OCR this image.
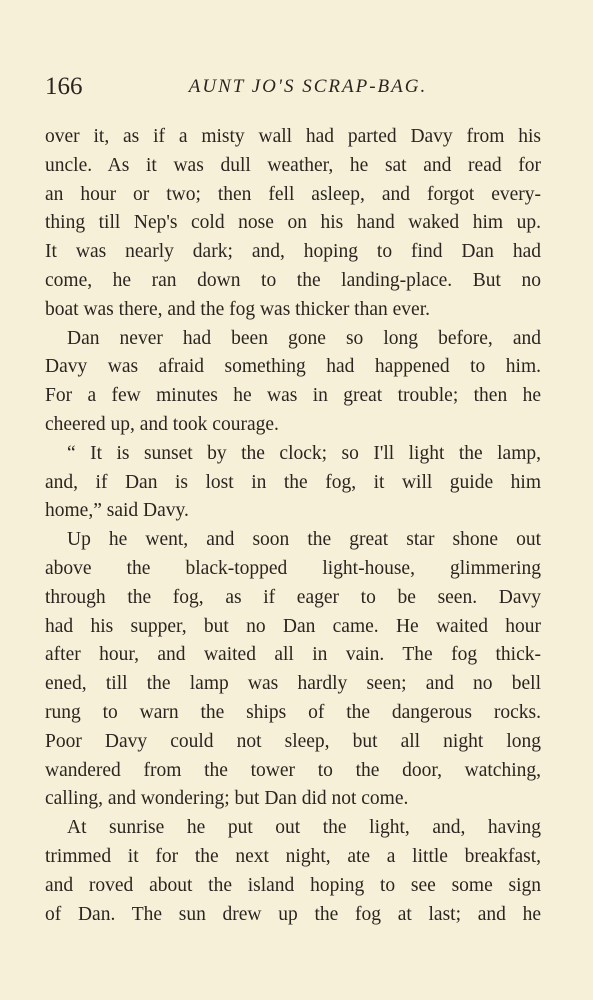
166	AUNT JO'S SCRAP-BAG.
over it, as if a misty wall had parted Davy from his
uncle. As it was dull weather, he sat and read for
an hour or two; then fell asleep, and forgot every-
thing till Nep's cold nose on his hand waked him up.
It was nearly dark; and, hoping to find Dan had
come, he ran down to the landing-place. But no
boat was there, and the fog was thicker than ever.
Dan never had been gone so long before, and
Davy was afraid something had happened to him.
For a few minutes he was in great trouble; then he
cheered up, and took courage.
“ It is sunset by the clock; so I'll light the lamp,
and, if Dan is lost in the fog, it will guide him
home,” said Davy.
Up he went, and soon the great star shone out
above the black-topped light-house, glimmering
through the fog, as if eager to be seen. Davy
had his supper, but no Dan came. He waited hour
after hour, and waited all in vain. The fog thick-
ened, till the lamp was hardly seen; and no bell
rung to warn the ships of the dangerous rocks.
Poor Davy could not sleep, but all night long
wandered from the tower to the door, watching,
calling, and wondering; but Dan did not come.
At sunrise he put out the light, and, having
trimmed it for the next night, ate a little breakfast,
and roved about the island hoping to see some sign
of Dan. The sun drew up the fog at last; and he
